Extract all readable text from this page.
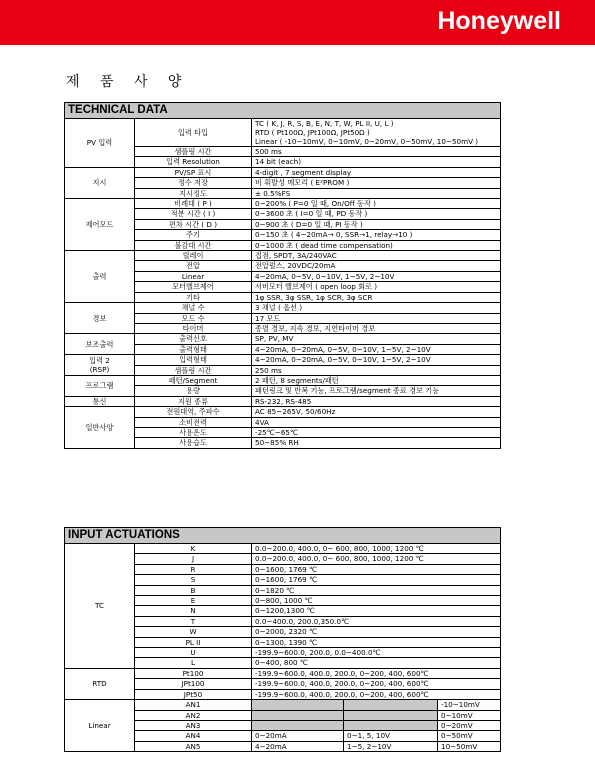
Honeywell
제 품 사 양
TECHNICAL DATA		
PV 입력	입력 타입	TC ( K, J, R, S, B, E, N, T, W, PL II, U, L )
RTD ( Pt100Ω, JPt100Ω, JPt50Ω )
Linear ( -10~10mV, 0~10mV, 0~20mV, 0~50mV, 10~50mV )
	샘플링 시간	500 ms
	입력 Resolution	14 bit (each)
지시	PV/SP 표시	4-digit , 7 segment display
	정수 저장	비 휘발성 메모리 ( E²PROM )
	지시정도	± 0.5%FS
제어모드	비례대 ( P )	0~200% ( P=0 일 때, On/Off 동작 )
	적분 시간 ( I )	0~3600 초 ( I=0 일 때, PD 동작 )
	편차 시간 ( D )	0~900 초 ( D=0 일 때, PI 동작 )
	주기	0~150 초 ( 4~20mA→ 0, SSR→1, relay→10 )
	불감대 시간	0~1000 초 ( dead time compensation)
출력	릴레이	접점, SPDT, 3A/240VAC
	전압	전압펄스, 20VDC/20mA
	Linear	4~20mA, 0~5V, 0~10V, 1~5V, 2~10V
	모터밸브제어	서버모터 밸브제어 ( open loop 회로 )
	기타	1φ SSR, 3φ SSR, 1φ SCR, 3φ SCR
경보	채널 수	3 채널 ( 옵션 )
	모드 수	17 모드
	타이머	종멸 경보, 지속 경보, 지연타이머 경보
보조출력	출력신호	SP, PV, MV
	출력형태	4~20mA, 0~20mA, 0~5V, 0~10V, 1~5V, 2~10V
입력 2
(RSP)	입력형태	4~20mA, 0~20mA, 0~5V, 0~10V, 1~5V, 2~10V
	샘플링 시간	250 ms
프로그램	패턴/Segment	2 패턴, 8 segments/패턴
	용량	패턴링크 및 반복 기능, 프로그램/segment 종료 경보 기능
통신	지원 종류	RS-232, RS-485
일반사양	전원대역, 주파수	AC 85~265V, 50/60Hz
	소비전력	4VA
	사용온도	-25℃~65℃
	사용습도	50~85% RH
INPUT ACTUATIONS				
TC	K	0.0~200.0, 400.0, 0~ 600, 800, 1000, 1200 ℃		
	J	0.0~200.0, 400.0, 0~ 600, 800, 1000, 1200 ℃		
	R	0~1600, 1769 ℃		
	S	0~1600, 1769 ℃		
	B	0~1820 ℃		
	E	0~800, 1000 ℃		
	N	0~1200,1300 ℃		
	T	0.0~400.0, 200.0,350.0℃		
	W	0~2000, 2320 ℃		
	PL II	0~1300, 1390 ℃		
	U	-199.9~600.0, 200.0, 0.0~400.0℃		
	L	0~400, 800 ℃		
RTD	Pt100	-199.9~600.0, 400.0, 200.0, 0~200, 400, 600℃		
	JPt100	-199.9~600.0, 400.0, 200.0, 0~200, 400, 600℃		
	JPt50	-199.9~600.0, 400.0, 200.0, 0~200, 400, 600℃		
Linear	AN1			-10~10mV
	AN2			0~10mV
	AN3			0~20mV
	AN4	0~20mA	0~1, 5, 10V	0~50mV
	AN5	4~20mA	1~5, 2~10V	10~50mV
